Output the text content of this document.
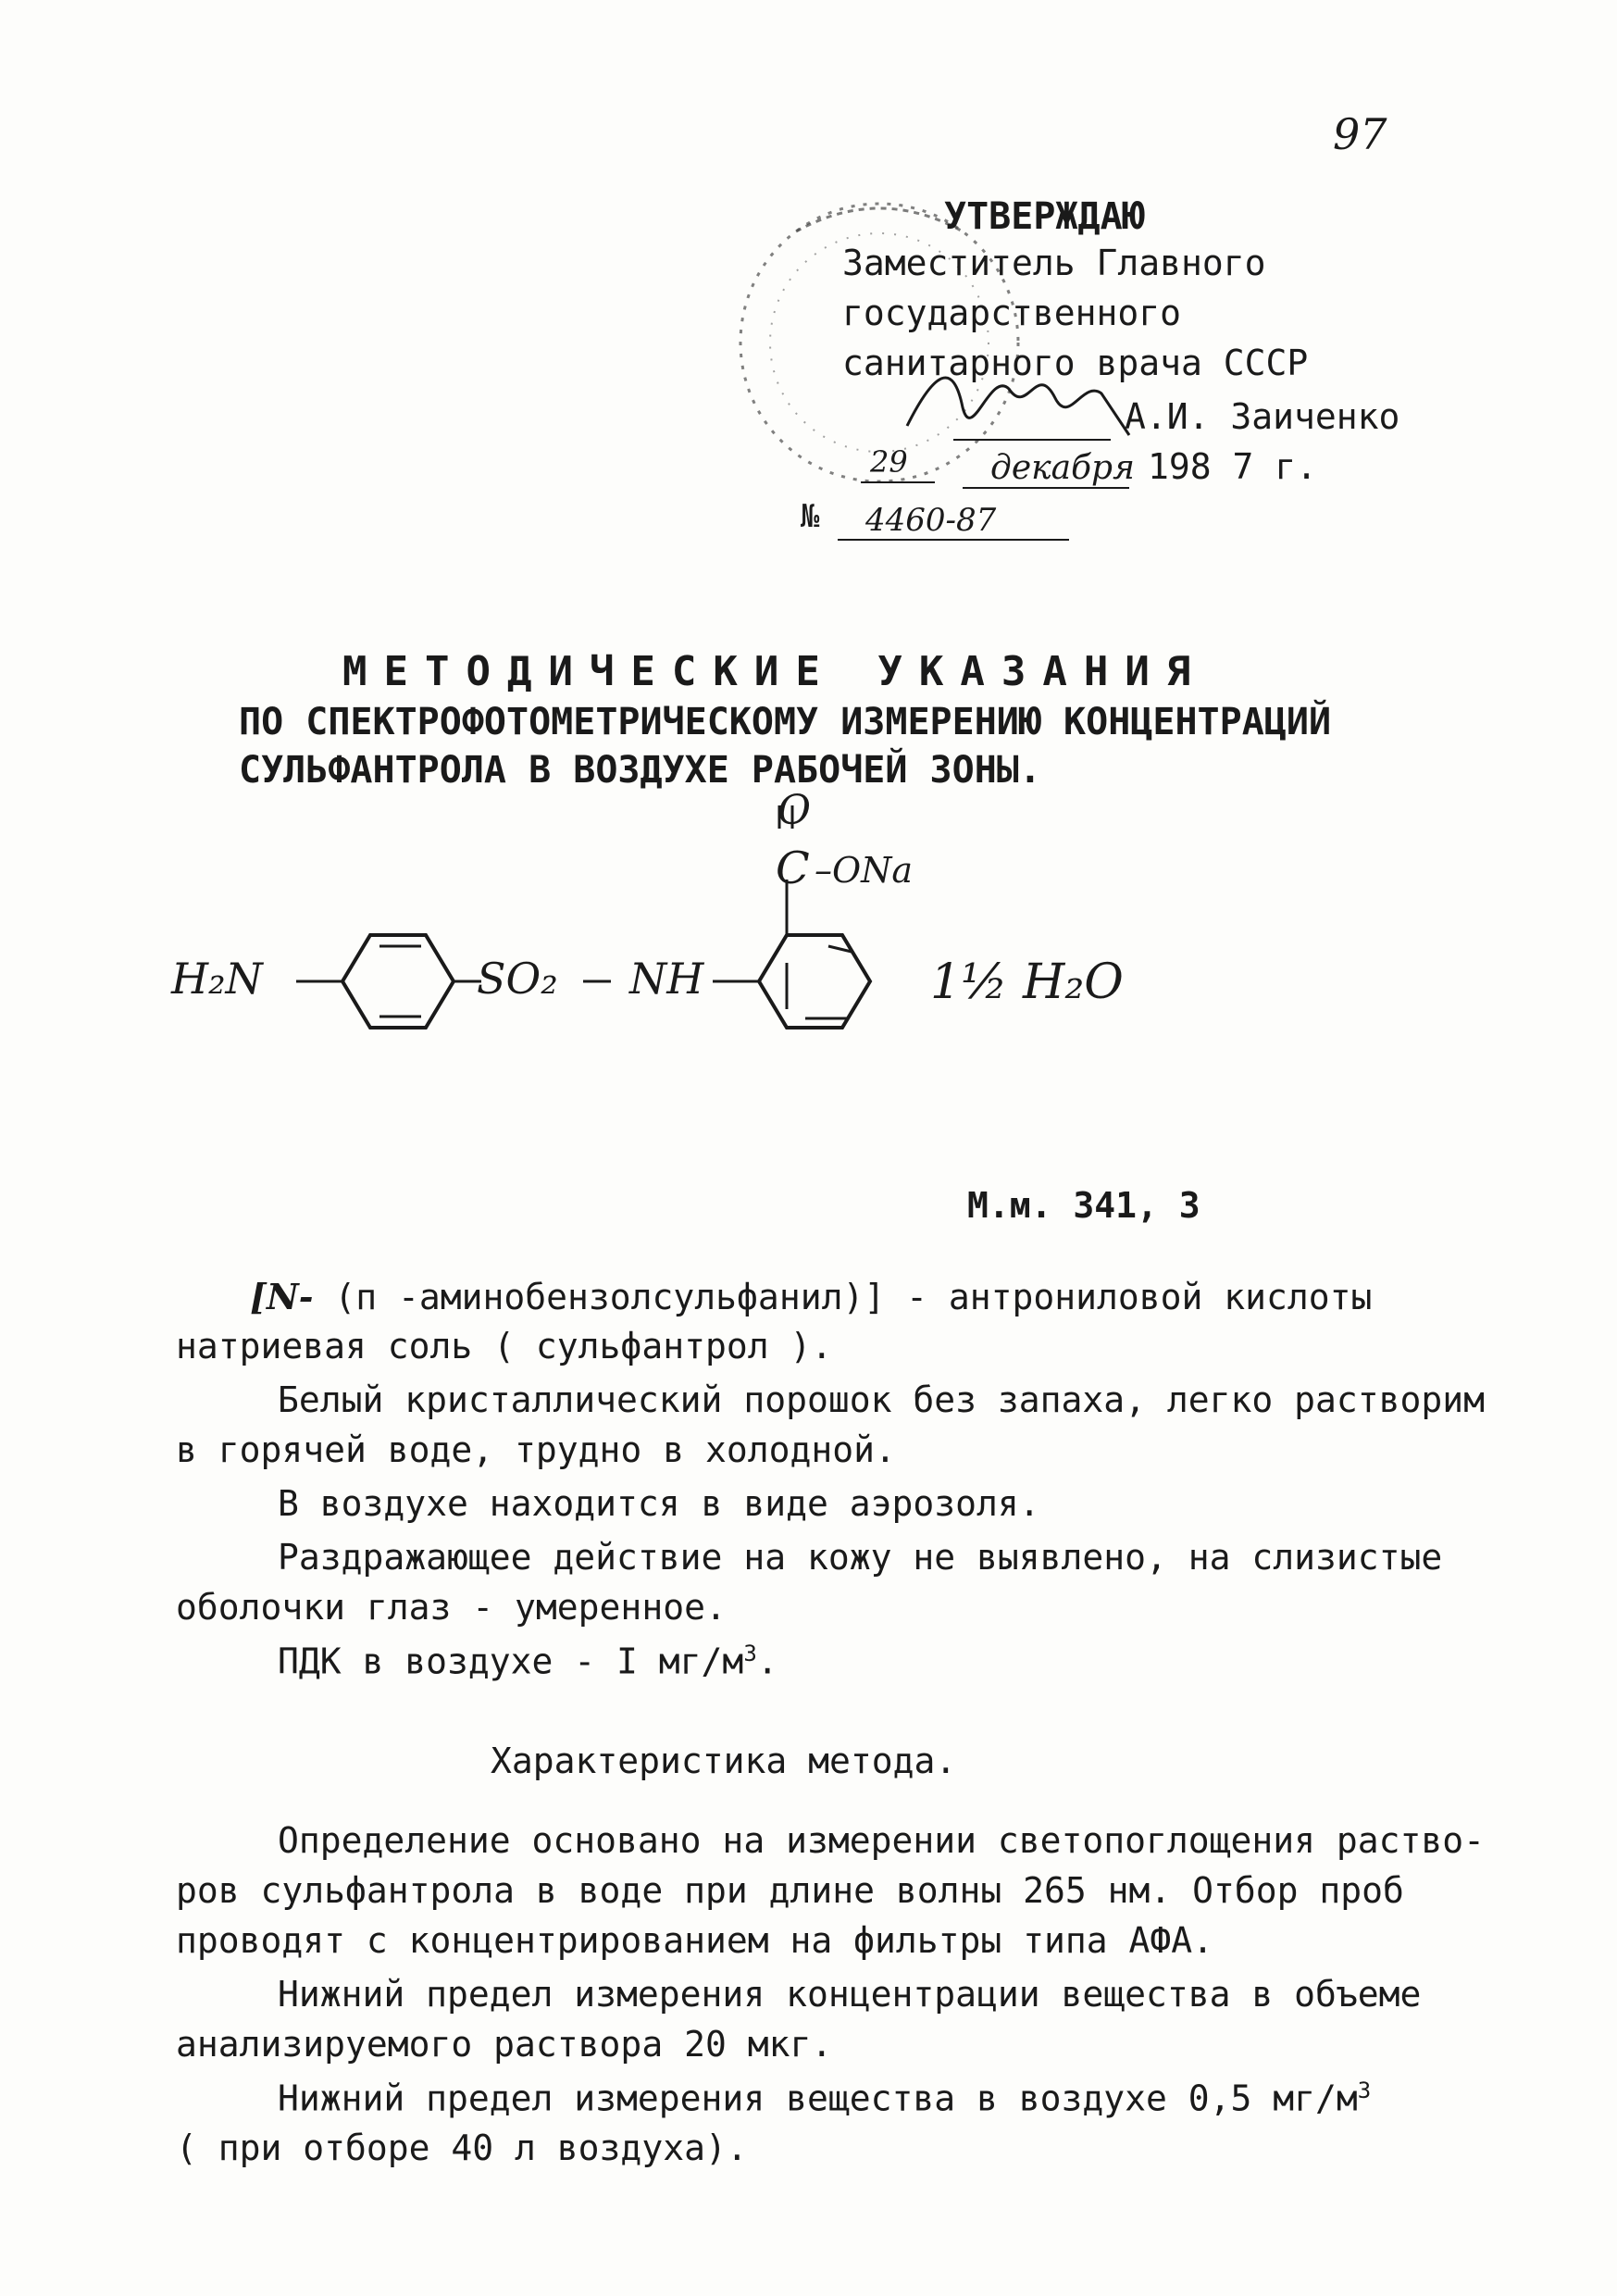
97
УТВЕРЖДАЮ
Заместитель Главного
государственного
санитарного врача СССР
А.И. Заиченко
29 декабря 198 7 г.
№ 4460-87
МЕТОДИЧЕСКИЕ УКАЗАНИЯ
ПО СПЕКТРОФОТОМЕТРИЧЕСКОМУ ИЗМЕРЕНИЮ КОНЦЕНТРАЦИЙ
СУЛЬФАНТРОЛА В ВОЗДУХЕ РАБОЧЕЙ ЗОНЫ.
H₂N	SO₂ NH
O
C –ONa
1½ H₂O
М.м. 341, 3
[N- (п -аминобензолсульфанил)] - антрониловой кислоты
натриевая соль ( сульфантрол ).
Белый кристаллический порошок без запаха, легко растворим
в горячей воде, трудно в холодной.
В воздухе находится в виде аэрозоля.
Раздражающее действие на кожу не выявлено, на слизистые
оболочки глаз - умеренное.
ПДК в воздухе - I $мг/м^3$.
Характеристика метода.
Определение основано на измерении светопоглощения раство-
ров сульфантрола в воде при длине волны 265 нм. Отбор проб
проводят с концентрированием на фильтры типа АФА.
Нижний предел измерения концентрации вещества в объеме
анализируемого раствора 20 мкг.
Нижний предел измерения вещества в воздухе 0,5 $мг/м^3$
( при отборе 40 л воздуха).
